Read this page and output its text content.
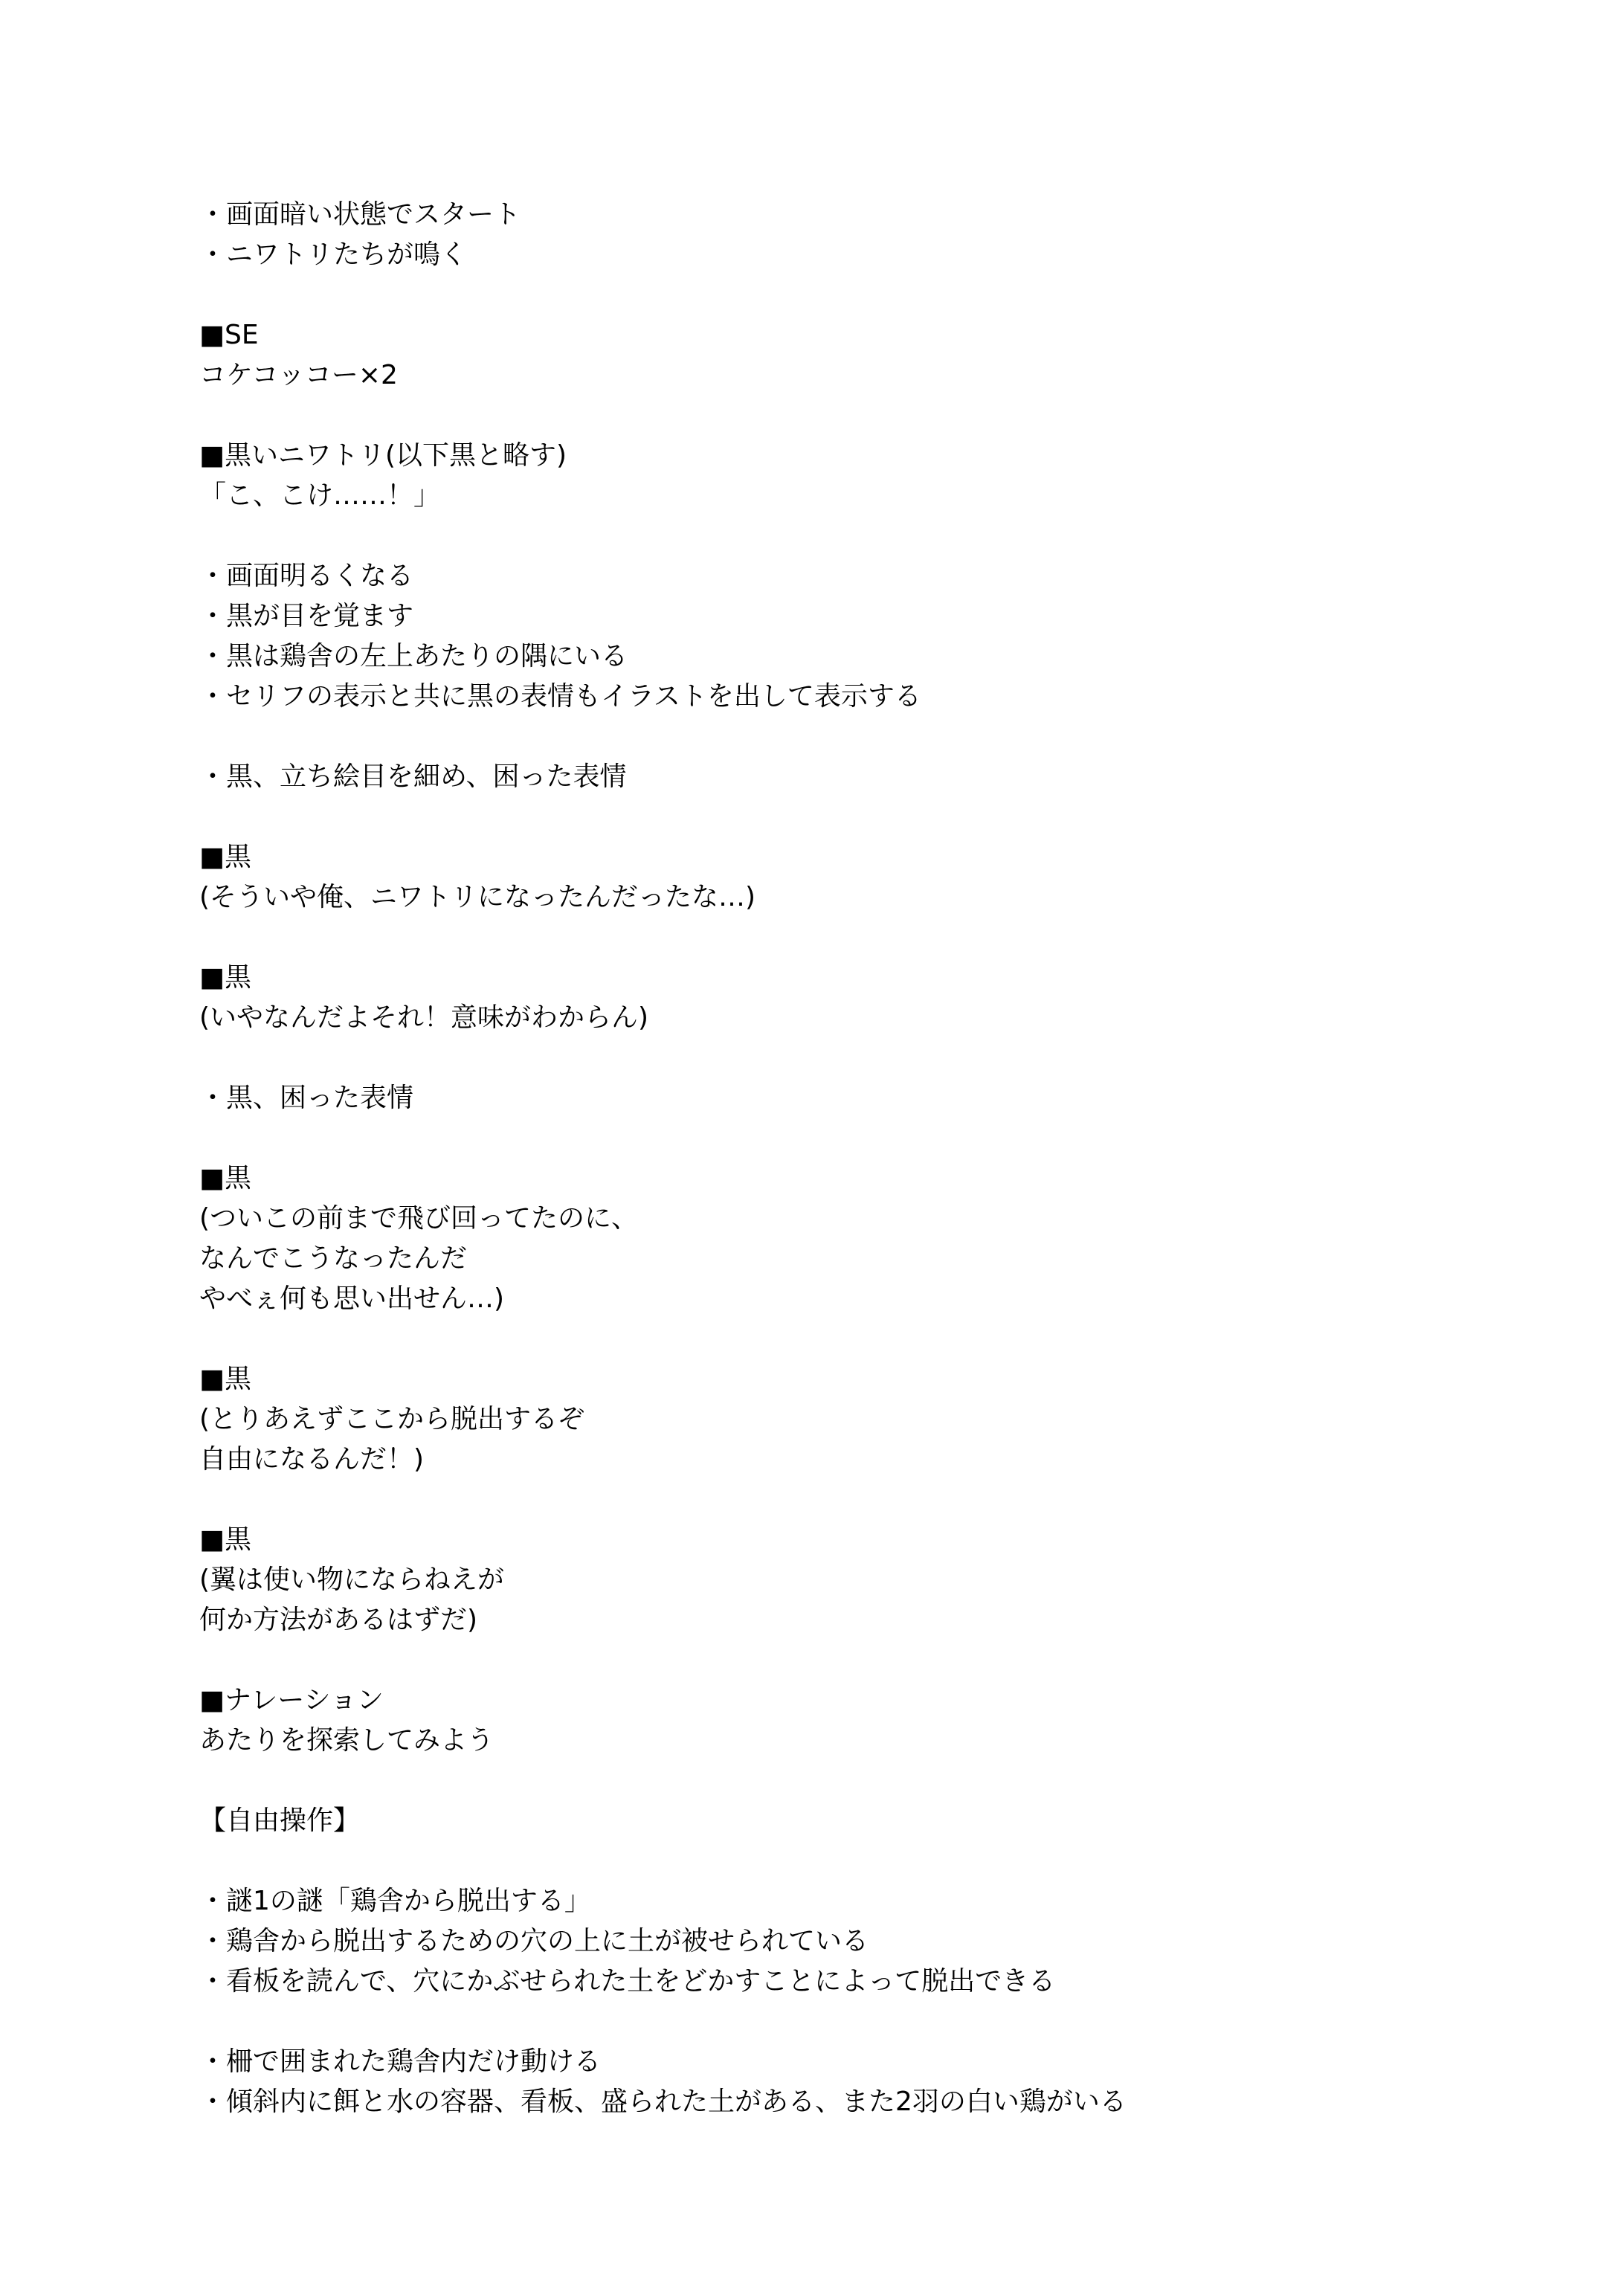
・画面暗い状態でスタート
・ニワトリたちが鳴く
■SE
コケコッコー×2
■黒いニワトリ(以下黒と略す)
「こ、こけ……！」
・画面明るくなる
・黒が目を覚ます
・黒は鶏舎の左上あたりの隅にいる
・セリフの表示と共に黒の表情もイラストを出して表示する
・黒、立ち絵目を細め、困った表情
■黒
(そういや俺、ニワトリになったんだったな…)
■黒
(いやなんだよそれ！意味がわからん)
・黒、困った表情
■黒
(ついこの前まで飛び回ってたのに、
なんでこうなったんだ
やべぇ何も思い出せん…)
■黒
(とりあえずここから脱出するぞ
自由になるんだ！)
■黒
(翼は使い物にならねえが
何か方法があるはずだ)
■ナレーション
あたりを探索してみよう
【自由操作】
・謎1の謎「鶏舎から脱出する」
・鶏舎から脱出するための穴の上に土が被せられている
・看板を読んで、穴にかぶせられた土をどかすことによって脱出できる
・柵で囲まれた鶏舎内だけ動ける
・傾斜内に餌と水の容器、看板、盛られた土がある、また2羽の白い鶏がいる
